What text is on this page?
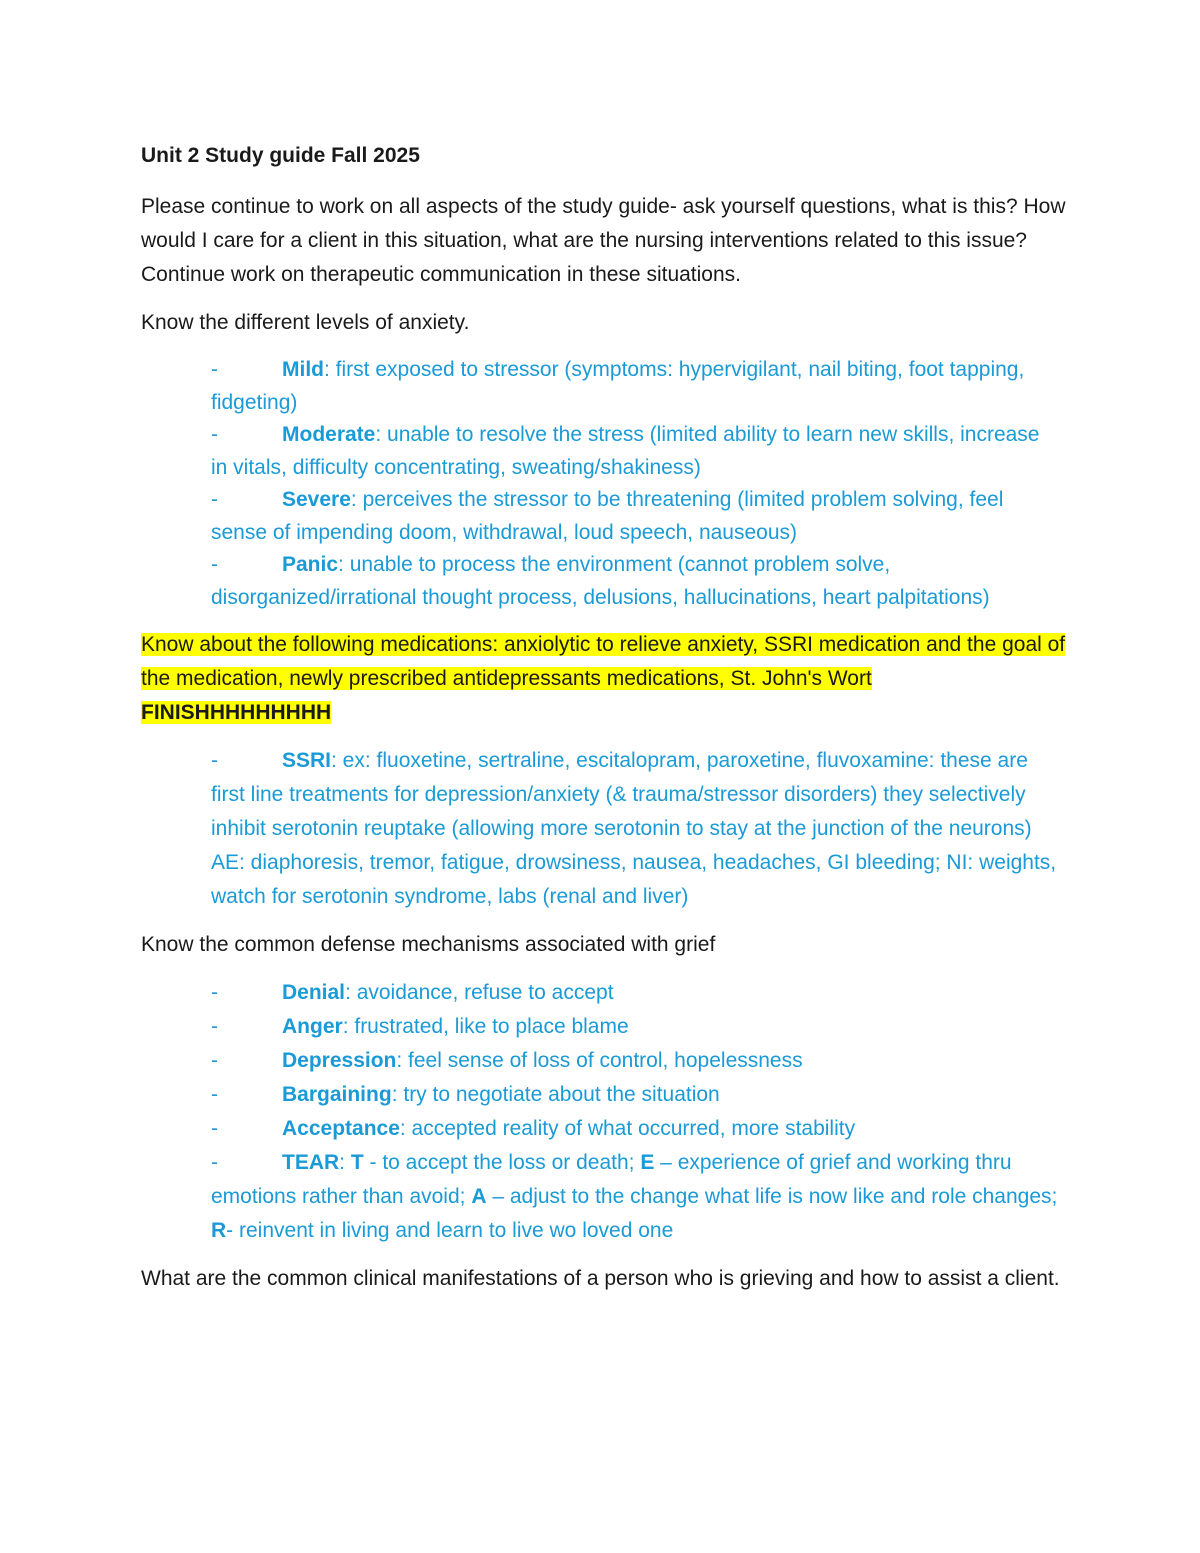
Unit 2 Study guide Fall 2025

Please continue to work on all aspects of the study guide- ask yourself questions, what is this? How would I care for a client in this situation, what are the nursing interventions related to this issue? Continue work on therapeutic communication in these situations.

Know the different levels of anxiety.

-	Mild: first exposed to stressor (symptoms: hypervigilant, nail biting, foot tapping, fidgeting)
-	Moderate: unable to resolve the stress (limited ability to learn new skills, increase in vitals, difficulty concentrating, sweating/shakiness)
-	Severe: perceives the stressor to be threatening (limited problem solving, feel sense of impending doom, withdrawal, loud speech, nauseous)
-	Panic: unable to process the environment (cannot problem solve, disorganized/irrational thought process, delusions, hallucinations, heart palpitations)
Know about the following medications: anxiolytic to relieve anxiety, SSRI medication and the goal of the medication, newly prescribed antidepressants medications, St. John's Wort FINISHHHHHHHHH
-	SSRI: ex: fluoxetine, sertraline, escitalopram, paroxetine, fluvoxamine: these are first line treatments for depression/anxiety (& trauma/stressor disorders) they selectively inhibit serotonin reuptake (allowing more serotonin to stay at the junction of the neurons) AE: diaphoresis, tremor, fatigue, drowsiness, nausea, headaches, GI bleeding; NI: weights, watch for serotonin syndrome, labs (renal and liver)

Know the common defense mechanisms associated with grief

-	Denial: avoidance, refuse to accept
-	Anger: frustrated, like to place blame
-	Depression: feel sense of loss of control, hopelessness
-	Bargaining: try to negotiate about the situation
-	Acceptance: accepted reality of what occurred, more stability
-	TEAR: T - to accept the loss or death; E – experience of grief and working thru emotions rather than avoid; A – adjust to the change what life is now like and role changes; R- reinvent in living and learn to live wo loved one

What are the common clinical manifestations of a person who is grieving and how to assist a client.
